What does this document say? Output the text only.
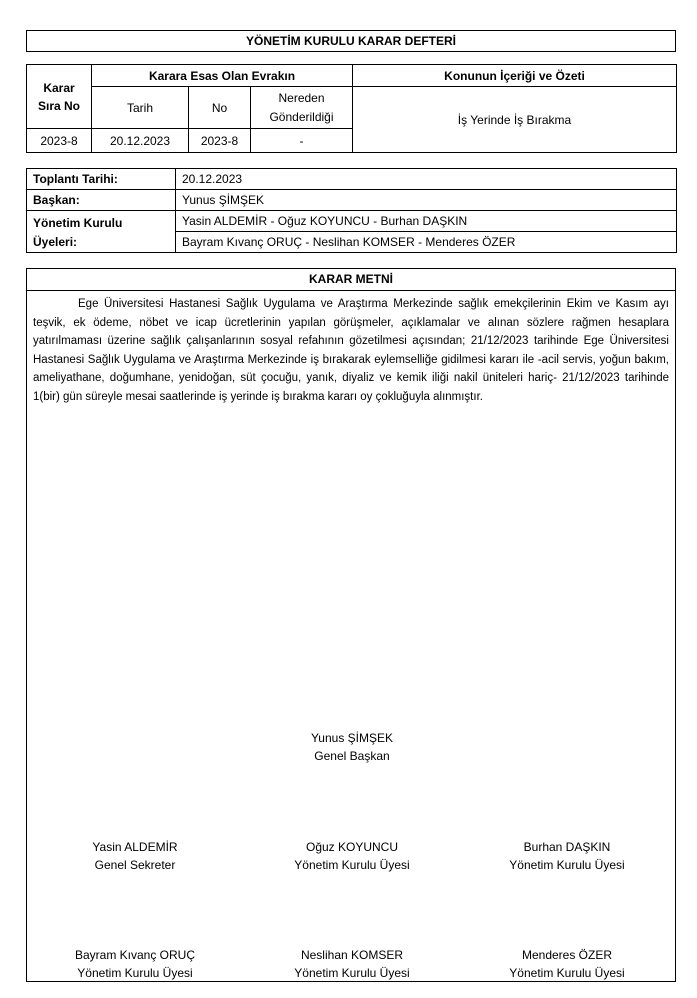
YÖNETİM KURULU KARAR DEFTERİ
Karar Sıra No	Karara Esas Olan Evrakın			Konunun İçeriği ve Özeti
	Tarih	No	Nereden Gönderildiği	İş Yerinde İş Bırakma
2023-8	20.12.2023	2023-8	-	
Toplantı Tarihi:	20.12.2023
Başkan:	Yunus ŞİMŞEK
Yönetim Kurulu Üyeleri:	Yasin ALDEMİR - Oğuz KOYUNCU - Burhan DAŞKIN
	Bayram Kıvanç ORUÇ - Neslihan KOMSER - Menderes ÖZER
KARAR METNİ
Ege Üniversitesi Hastanesi Sağlık Uygulama ve Araştırma Merkezinde sağlık emekçilerinin Ekim ve Kasım ayı teşvik, ek ödeme, nöbet ve icap ücretlerinin yapılan görüşmeler, açıklamalar ve alınan sözlere rağmen hesaplara yatırılmaması üzerine sağlık çalışanlarının sosyal refahının gözetilmesi açısından; 21/12/2023 tarihinde Ege Üniversitesi Hastanesi Sağlık Uygulama ve Araştırma Merkezinde iş bırakarak eylemselliğe gidilmesi kararı ile -acil servis, yoğun bakım, ameliyathane, doğumhane, yenidoğan, süt çocuğu, yanık, diyaliz ve kemik iliği nakil üniteleri hariç- 21/12/2023 tarihinde 1(bir) gün süreyle mesai saatlerinde iş yerinde iş bırakma kararı oy çokluğuyla alınmıştır.
Yunus ŞİMŞEK
Genel Başkan
Yasin ALDEMİR
Genel Sekreter
Oğuz KOYUNCU
Yönetim Kurulu Üyesi
Burhan DAŞKIN
Yönetim Kurulu Üyesi
Bayram Kıvanç ORUÇ
Yönetim Kurulu Üyesi
Neslihan KOMSER
Yönetim Kurulu Üyesi
Menderes ÖZER
Yönetim Kurulu Üyesi
